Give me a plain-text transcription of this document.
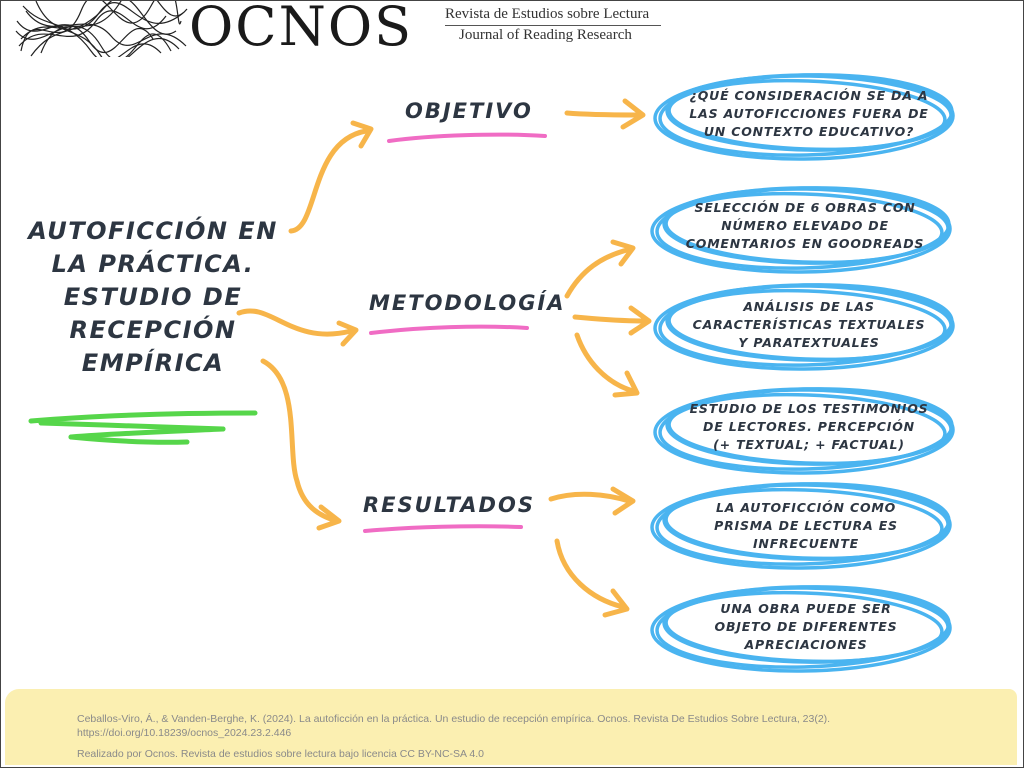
OCNOS Revista de Estudios sobre Lectura
Journal of Reading Research
AUTOFICCIÓN EN
LA PRÁCTICA.
ESTUDIO DE
RECEPCIÓN
EMPÍRICA
OBJETIVO
METODOLOGÍA
RESULTADOS
¿QUÉ CONSIDERACIÓN SE DA A
LAS AUTOFICCIONES FUERA DE
UN CONTEXTO EDUCATIVO?
SELECCIÓN DE 6 OBRAS CON
NÚMERO ELEVADO DE
COMENTARIOS EN GOODREADS
ANÁLISIS DE LAS
CARACTERÍSTICAS TEXTUALES
Y PARATEXTUALES
ESTUDIO DE LOS TESTIMONIOS
DE LECTORES. PERCEPCIÓN
(+ TEXTUAL; + FACTUAL)
LA AUTOFICCIÓN COMO
PRISMA DE LECTURA ES
INFRECUENTE
UNA OBRA PUEDE SER
OBJETO DE DIFERENTES
APRECIACIONES
Ceballos-Viro, Á., & Vanden-Berghe, K. (2024). La autoficción en la práctica. Un estudio de recepción empírica. Ocnos. Revista De Estudios Sobre Lectura, 23(2).
https://doi.org/10.18239/ocnos_2024.23.2.446
Realizado por Ocnos. Revista de estudios sobre lectura bajo licencia CC BY-NC-SA 4.0
